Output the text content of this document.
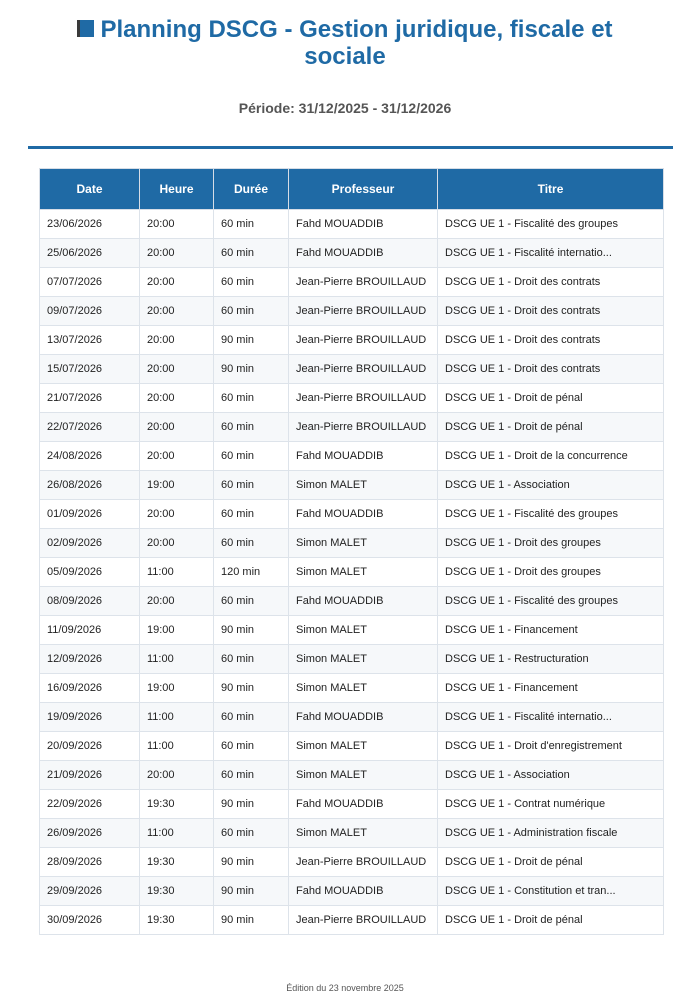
Planning DSCG - Gestion juridique, fiscale et sociale
Période: 31/12/2025 - 31/12/2026
Date	Heure	Durée	Professeur	Titre
23/06/2026	20:00	60 min	Fahd MOUADDIB	DSCG UE 1 - Fiscalité des groupes
25/06/2026	20:00	60 min	Fahd MOUADDIB	DSCG UE 1 - Fiscalité internatio...
07/07/2026	20:00	60 min	Jean-Pierre BROUILLAUD	DSCG UE 1 - Droit des contrats
09/07/2026	20:00	60 min	Jean-Pierre BROUILLAUD	DSCG UE 1 - Droit des contrats
13/07/2026	20:00	90 min	Jean-Pierre BROUILLAUD	DSCG UE 1 - Droit des contrats
15/07/2026	20:00	90 min	Jean-Pierre BROUILLAUD	DSCG UE 1 - Droit des contrats
21/07/2026	20:00	60 min	Jean-Pierre BROUILLAUD	DSCG UE 1 - Droit de pénal
22/07/2026	20:00	60 min	Jean-Pierre BROUILLAUD	DSCG UE 1 - Droit de pénal
24/08/2026	20:00	60 min	Fahd MOUADDIB	DSCG UE 1 - Droit de la concurrence
26/08/2026	19:00	60 min	Simon MALET	DSCG UE 1 - Association
01/09/2026	20:00	60 min	Fahd MOUADDIB	DSCG UE 1 - Fiscalité des groupes
02/09/2026	20:00	60 min	Simon MALET	DSCG UE 1 - Droit des groupes
05/09/2026	11:00	120 min	Simon MALET	DSCG UE 1 - Droit des groupes
08/09/2026	20:00	60 min	Fahd MOUADDIB	DSCG UE 1 - Fiscalité des groupes
11/09/2026	19:00	90 min	Simon MALET	DSCG UE 1 - Financement
12/09/2026	11:00	60 min	Simon MALET	DSCG UE 1 - Restructuration
16/09/2026	19:00	90 min	Simon MALET	DSCG UE 1 - Financement
19/09/2026	11:00	60 min	Fahd MOUADDIB	DSCG UE 1 - Fiscalité internatio...
20/09/2026	11:00	60 min	Simon MALET	DSCG UE 1 - Droit d'enregistrement
21/09/2026	20:00	60 min	Simon MALET	DSCG UE 1 - Association
22/09/2026	19:30	90 min	Fahd MOUADDIB	DSCG UE 1 - Contrat numérique
26/09/2026	11:00	60 min	Simon MALET	DSCG UE 1 - Administration fiscale
28/09/2026	19:30	90 min	Jean-Pierre BROUILLAUD	DSCG UE 1 - Droit de pénal
29/09/2026	19:30	90 min	Fahd MOUADDIB	DSCG UE 1 - Constitution et tran...
30/09/2026	19:30	90 min	Jean-Pierre BROUILLAUD	DSCG UE 1 - Droit de pénal
Édition du 23 novembre 2025
